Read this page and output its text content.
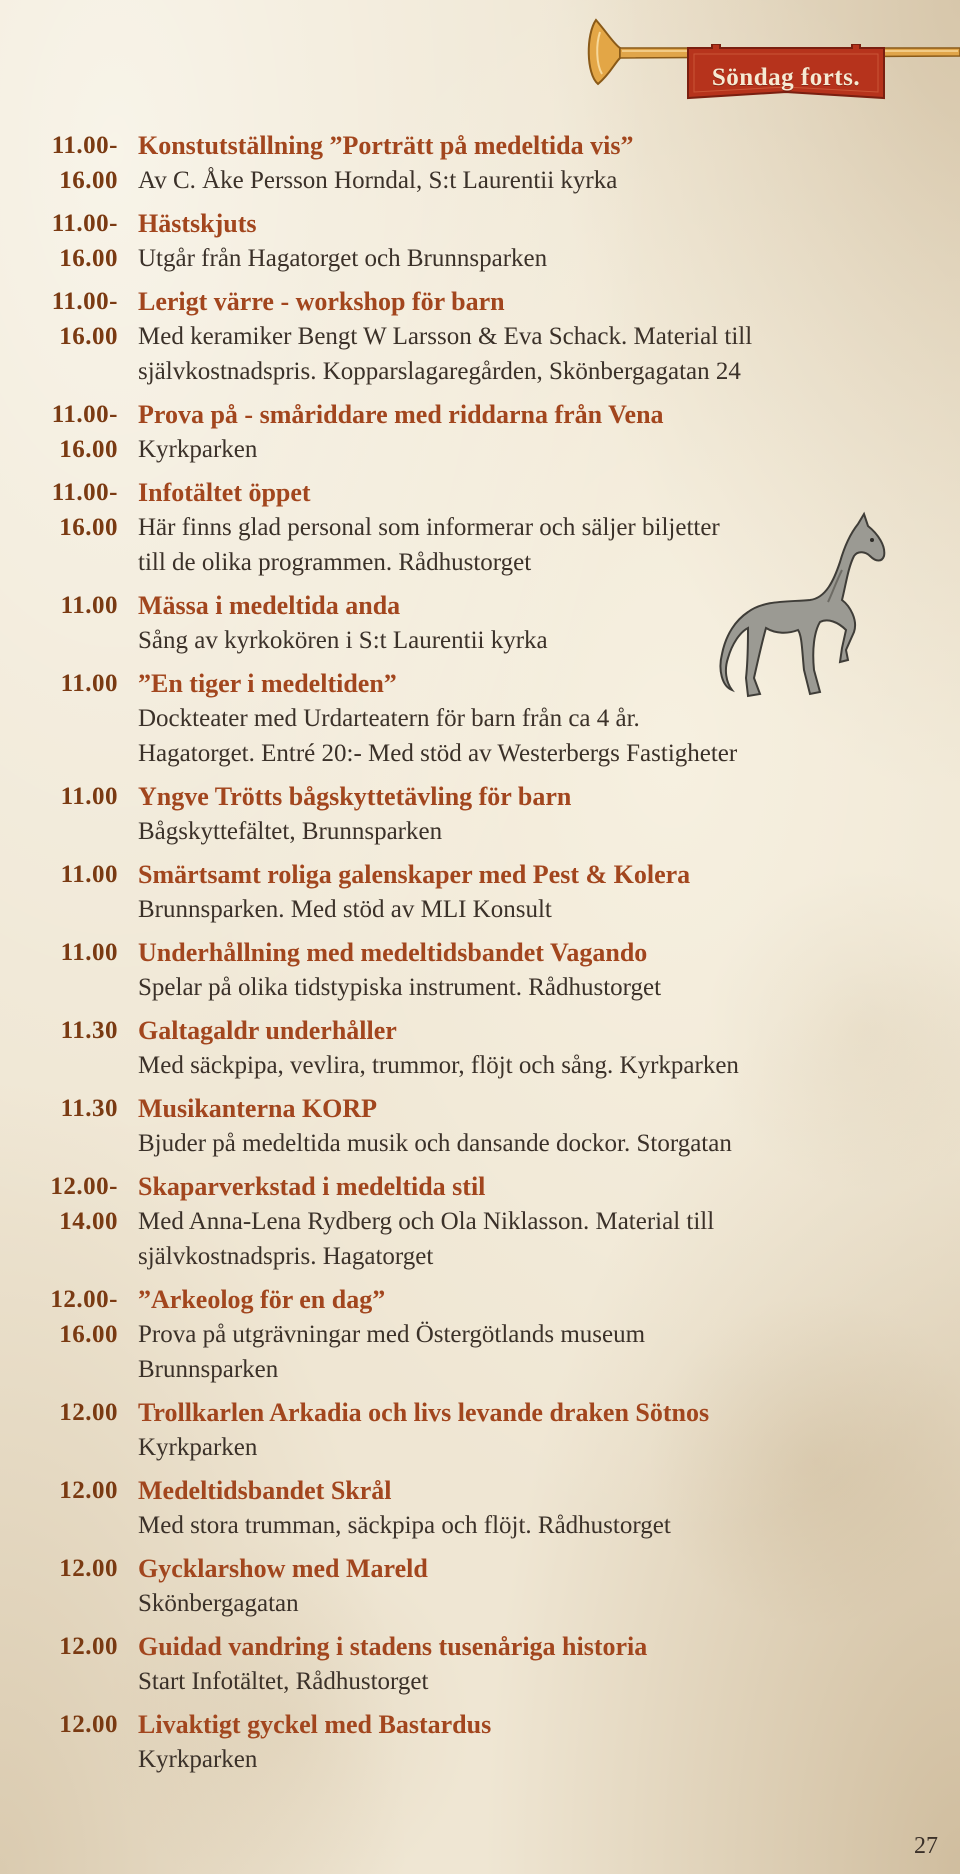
Söndag forts.
11.00-
16.00
Konstutställning ”Porträtt på medeltida vis”
Av C. Åke Persson Horndal, S:t Laurentii kyrka
11.00-
16.00
Hästskjuts
Utgår från Hagatorget och Brunnsparken
11.00-
16.00
Lerigt värre - workshop för barn
Med keramiker Bengt W Larsson & Eva Schack. Material till
självkostnadspris. Kopparslagaregården, Skönbergagatan 24
11.00-
16.00
Prova på - småriddare med riddarna från Vena
Kyrkparken
11.00-
16.00
Infotältet öppet
Här finns glad personal som informerar och säljer biljetter
till de olika programmen. Rådhustorget
11.00 Mässa i medeltida anda
Sång av kyrkokören i S:t Laurentii kyrka
11.00 ”En tiger i medeltiden”
Dockteater med Urdarteatern för barn från ca 4 år.
Hagatorget. Entré 20:- Med stöd av Westerbergs Fastigheter
11.00 Yngve Trötts bågskyttetävling för barn
Bågskyttefältet, Brunnsparken
11.00 Smärtsamt roliga galenskaper med Pest & Kolera
Brunnsparken. Med stöd av MLI Konsult
11.00 Underhållning med medeltidsbandet Vagando
Spelar på olika tidstypiska instrument. Rådhustorget
11.30 Galtagaldr underhåller
Med säckpipa, vevlira, trummor, flöjt och sång. Kyrkparken
11.30 Musikanterna KORP
Bjuder på medeltida musik och dansande dockor. Storgatan
12.00-
14.00
Skaparverkstad i medeltida stil
Med Anna-Lena Rydberg och Ola Niklasson. Material till
självkostnadspris. Hagatorget
12.00-
16.00
”Arkeolog för en dag”
Prova på utgrävningar med Östergötlands museum
Brunnsparken
12.00 Trollkarlen Arkadia och livs levande draken Sötnos
Kyrkparken
12.00 Medeltidsbandet Skrål
Med stora trumman, säckpipa och flöjt. Rådhustorget
12.00 Gycklarshow med Mareld
Skönbergagatan
12.00 Guidad vandring i stadens tusenåriga historia
Start Infotältet, Rådhustorget
12.00 Livaktigt gyckel med Bastardus
Kyrkparken
27
